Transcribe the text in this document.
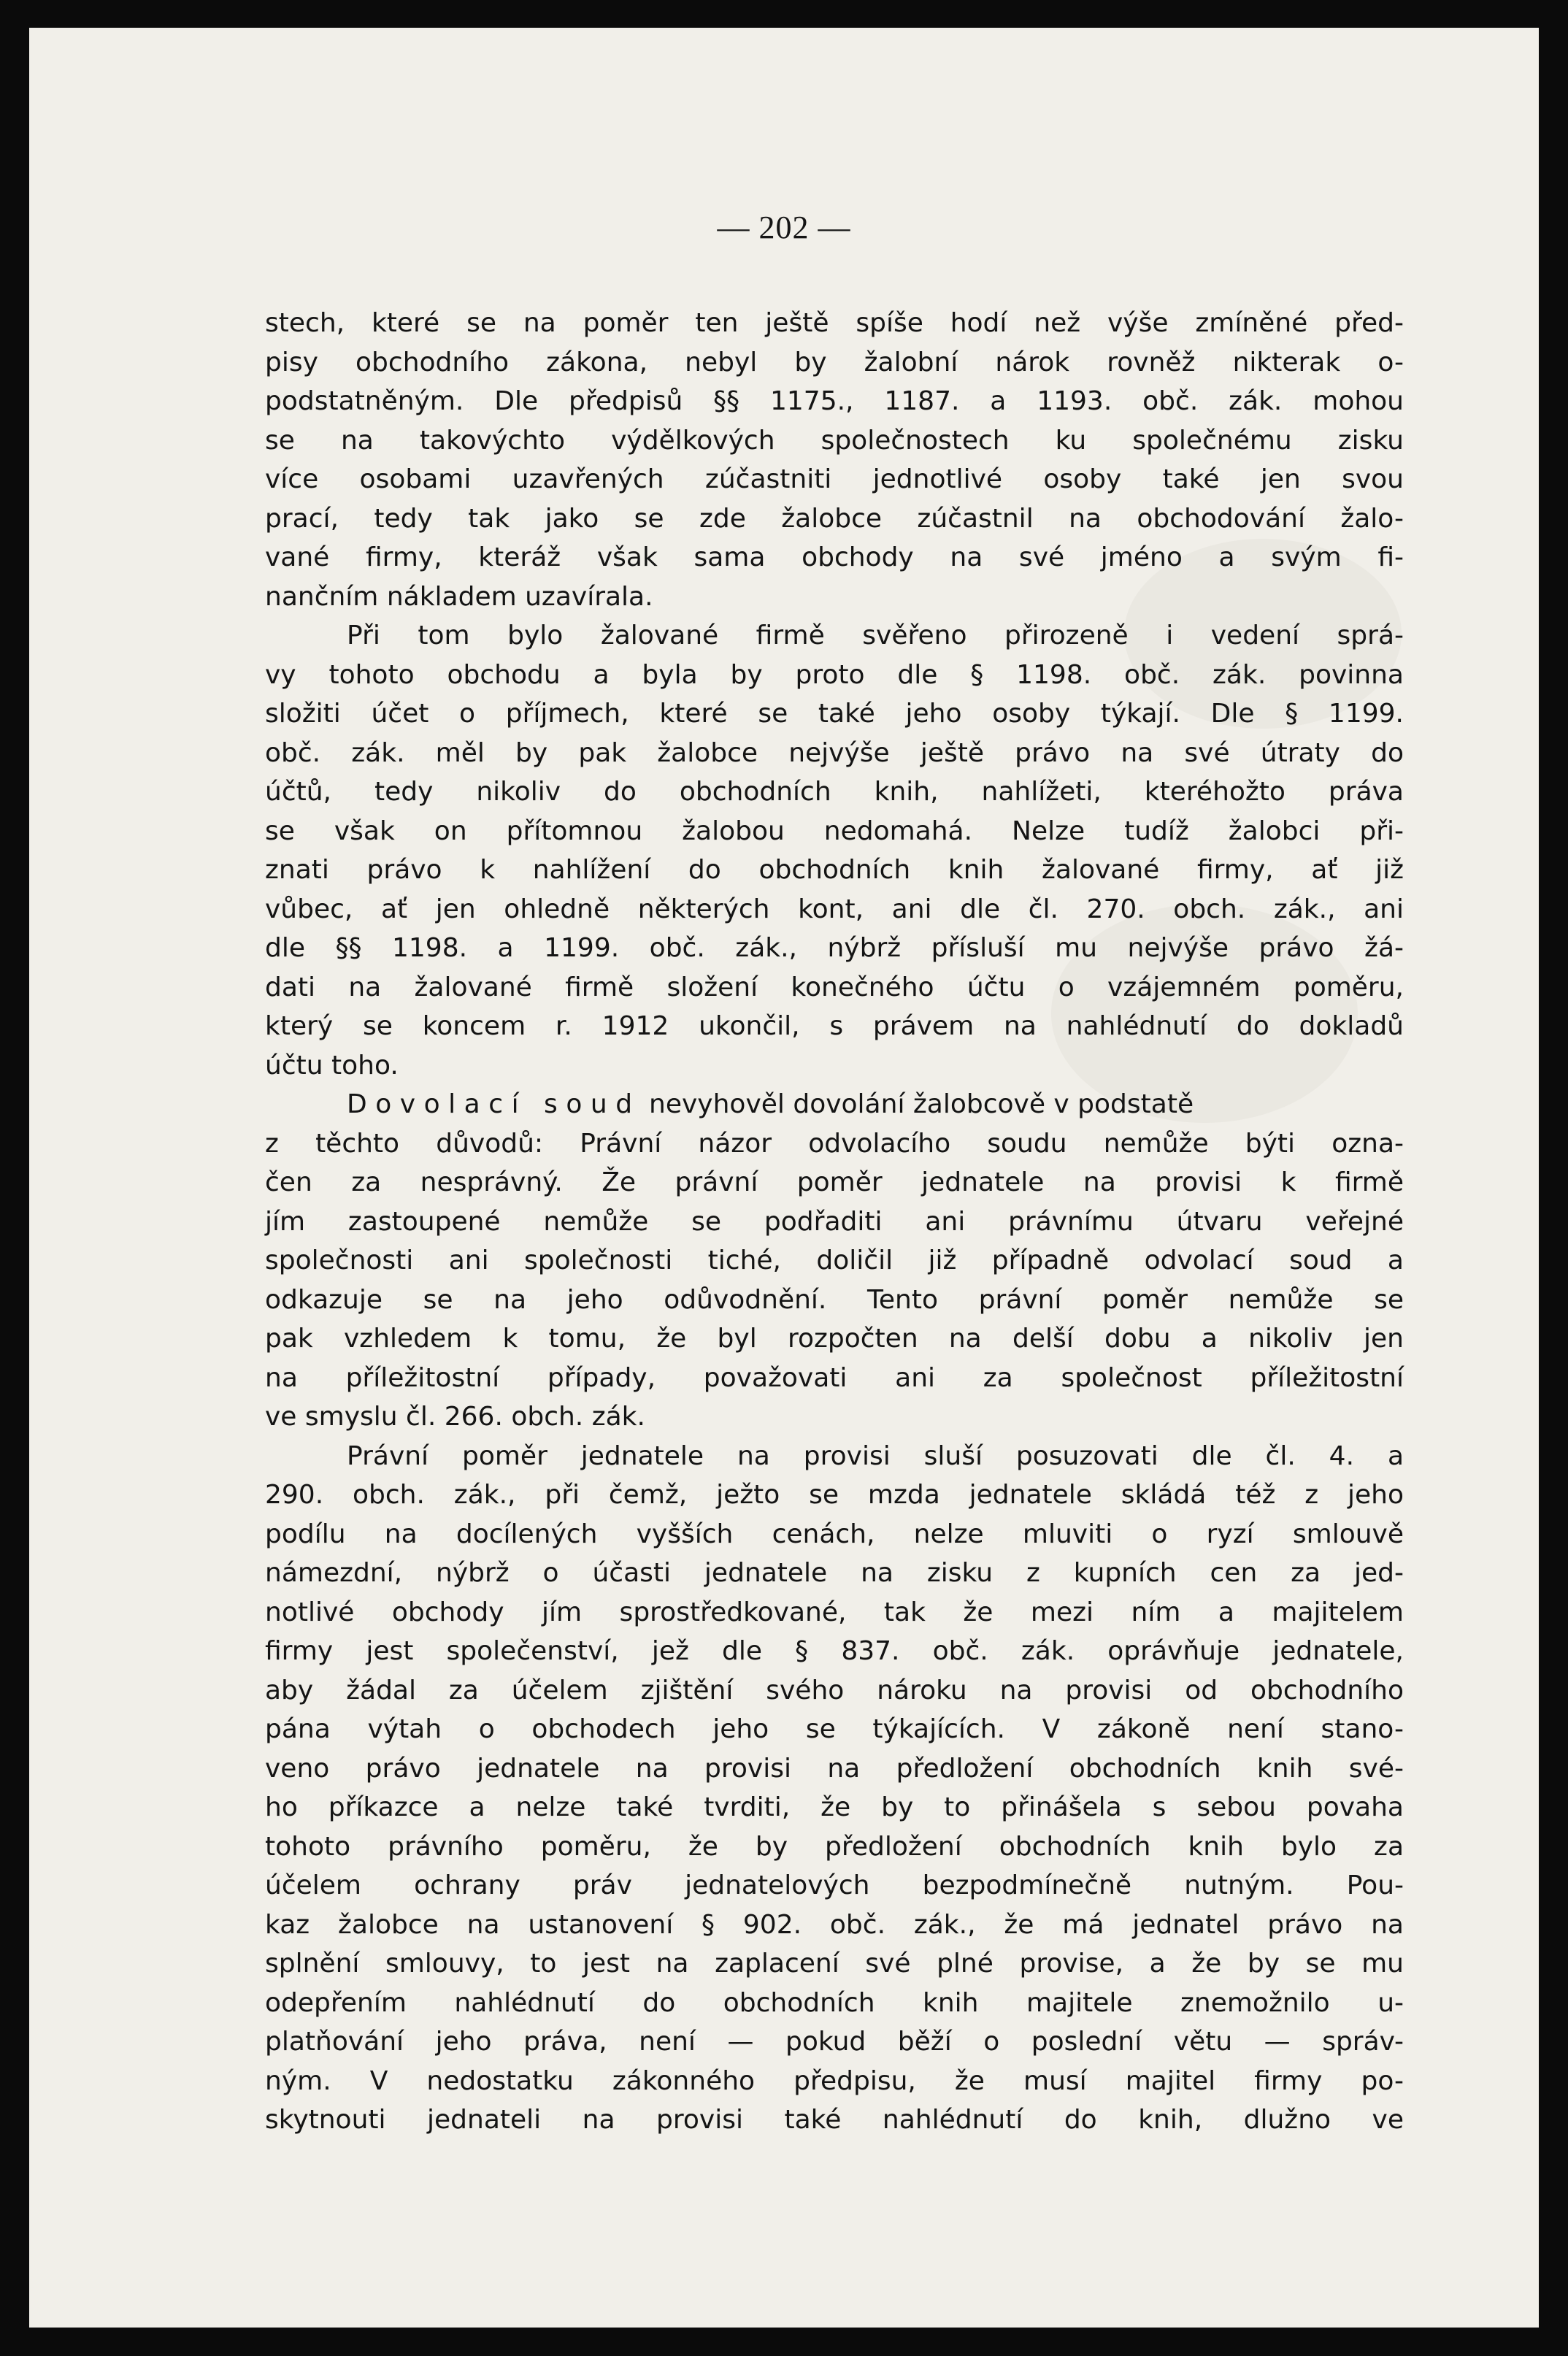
— 202 —
stech, které se na poměr ten ještě spíše hodí než výše zmíněné před-
pisy obchodního zákona, nebyl by žalobní nárok rovněž nikterak o-
podstatněným. Dle předpisů §§ 1175., 1187. a 1193. obč. zák. mohou
se na takovýchto výdělkových společnostech ku společnému zisku
více osobami uzavřených zúčastniti jednotlivé osoby také jen svou
prací, tedy tak jako se zde žalobce zúčastnil na obchodování žalo-
vané firmy, kteráž však sama obchody na své jméno a svým fi-
nančním nákladem uzavírala.
Při tom bylo žalované firmě svěřeno přirozeně i vedení sprá-
vy tohoto obchodu a byla by proto dle § 1198. obč. zák. povinna
složiti účet o příjmech, které se také jeho osoby týkají. Dle § 1199.
obč. zák. měl by pak žalobce nejvýše ještě právo na své útraty do
účtů, tedy nikoliv do obchodních knih, nahlížeti, kteréhožto práva
se však on přítomnou žalobou nedomahá. Nelze tudíž žalobci při-
znati právo k nahlížení do obchodních knih žalované firmy, ať již
vůbec, ať jen ohledně některých kont, ani dle čl. 270. obch. zák., ani
dle §§ 1198. a 1199. obč. zák., nýbrž přísluší mu nejvýše právo žá-
dati na žalované firmě složení konečného účtu o vzájemném poměru,
který se koncem r. 1912 ukončil, s právem na nahlédnutí do dokladů
účtu toho.
Dovolací soud nevyhověl dovolání žalobcově v podstatě
z těchto důvodů: Právní názor odvolacího soudu nemůže býti ozna-
čen za nesprávný. Že právní poměr jednatele na provisi k firmě
jím zastoupené nemůže se podřaditi ani právnímu útvaru veřejné
společnosti ani společnosti tiché, doličil již případně odvolací soud a
odkazuje se na jeho odůvodnění. Tento právní poměr nemůže se
pak vzhledem k tomu, že byl rozpočten na delší dobu a nikoliv jen
na příležitostní případy, považovati ani za společnost příležitostní
ve smyslu čl. 266. obch. zák.
Právní poměr jednatele na provisi sluší posuzovati dle čl. 4. a
290. obch. zák., při čemž, ježto se mzda jednatele skládá též z jeho
podílu na docílených vyšších cenách, nelze mluviti o ryzí smlouvě
námezdní, nýbrž o účasti jednatele na zisku z kupních cen za jed-
notlivé obchody jím sprostředkované, tak že mezi ním a majitelem
firmy jest společenství, jež dle § 837. obč. zák. oprávňuje jednatele,
aby žádal za účelem zjištění svého nároku na provisi od obchodního
pána výtah o obchodech jeho se týkajících. V zákoně není stano-
veno právo jednatele na provisi na předložení obchodních knih své-
ho příkazce a nelze také tvrditi, že by to přinášela s sebou povaha
tohoto právního poměru, že by předložení obchodních knih bylo za
účelem ochrany práv jednatelových bezpodmínečně nutným. Pou-
kaz žalobce na ustanovení § 902. obč. zák., že má jednatel právo na
splnění smlouvy, to jest na zaplacení své plné provise, a že by se mu
odepřením nahlédnutí do obchodních knih majitele znemožnilo u-
platňování jeho práva, není — pokud běží o poslední větu — správ-
ným. V nedostatku zákonného předpisu, že musí majitel firmy po-
skytnouti jednateli na provisi také nahlédnutí do knih, dlužno ve
